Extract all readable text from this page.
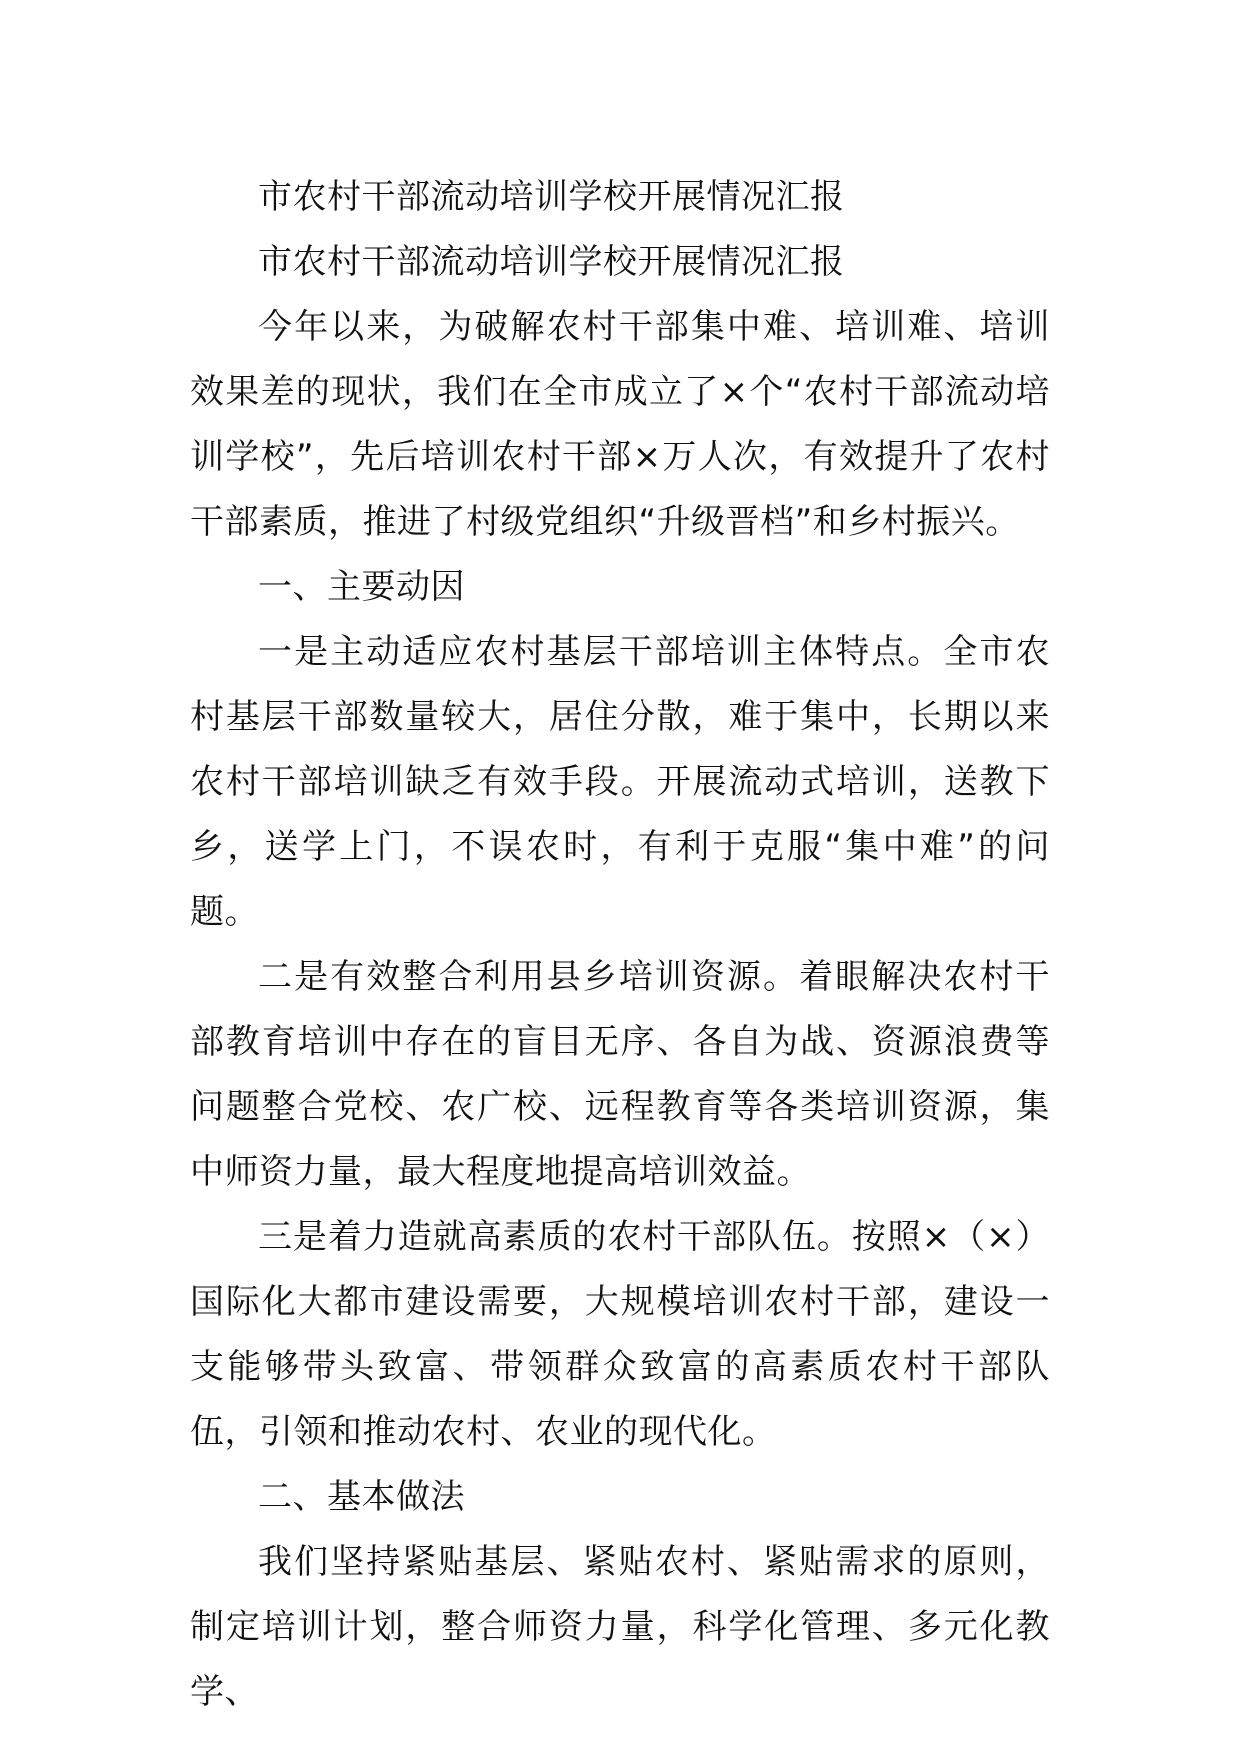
市农村干部流动培训学校开展情况汇报

市农村干部流动培训学校开展情况汇报

今年以来，为破解农村干部集中难、培训难、培训效果差的现状，我们在全市成立了×个“农村干部流动培训学校”，先后培训农村干部×万人次，有效提升了农村干部素质，推进了村级党组织“升级晋档”和乡村振兴。

一、主要动因

一是主动适应农村基层干部培训主体特点。全市农村基层干部数量较大，居住分散，难于集中，长期以来农村干部培训缺乏有效手段。开展流动式培训，送教下乡，送学上门，不误农时，有利于克服“集中难”的问题。

二是有效整合利用县乡培训资源。着眼解决农村干部教育培训中存在的盲目无序、各自为战、资源浪费等问题整合党校、农广校、远程教育等各类培训资源，集中师资力量，最大程度地提高培训效益。

三是着力造就高素质的农村干部队伍。按照×（×）国际化大都市建设需要，大规模培训农村干部，建设一支能够带头致富、带领群众致富的高素质农村干部队伍，引领和推动农村、农业的现代化。

二、基本做法

我们坚持紧贴基层、紧贴农村、紧贴需求的原则，制定培训计划，整合师资力量，科学化管理、多元化教学、
